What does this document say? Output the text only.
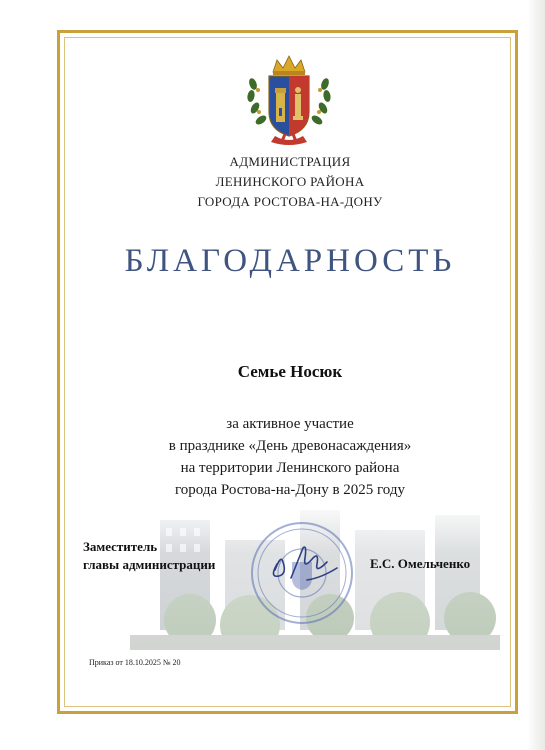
АДМИНИСТРАЦИЯ
ЛЕНИНСКОГО РАЙОНА
ГОРОДА РОСТОВА-НА-ДОНУ
БЛАГОДАРНОСТЬ
Семье Носюк
за активное участие
в празднике «День древонасаждения»
на территории Ленинского района
города Ростова-на-Дону в 2025 году
Заместитель
главы администрации	Е.С. Омельченко
Приказ от 18.10.2025 № 20
